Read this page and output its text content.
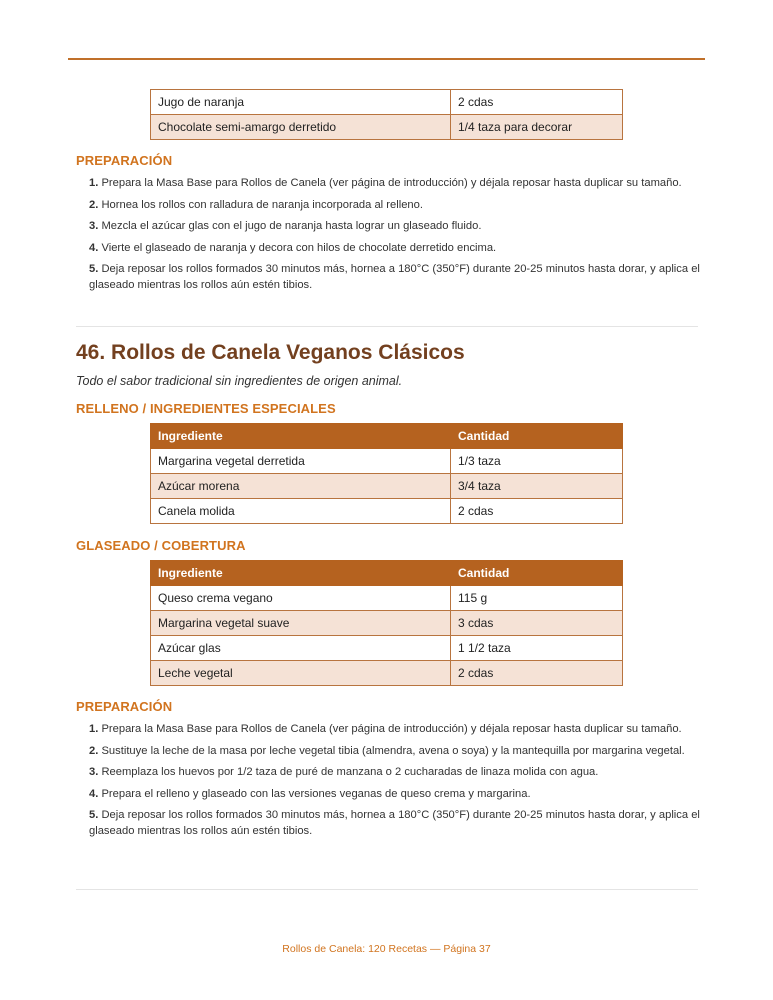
Jugo de naranja	2 cdas
Chocolate semi-amargo derretido	1/4 taza para decorar
PREPARACIÓN
1. Prepara la Masa Base para Rollos de Canela (ver página de introducción) y déjala reposar hasta duplicar su tamaño.
2. Hornea los rollos con ralladura de naranja incorporada al relleno.
3. Mezcla el azúcar glas con el jugo de naranja hasta lograr un glaseado fluido.
4. Vierte el glaseado de naranja y decora con hilos de chocolate derretido encima.
5. Deja reposar los rollos formados 30 minutos más, hornea a 180°C (350°F) durante 20-25 minutos hasta dorar, y aplica el glaseado mientras los rollos aún estén tibios.
46. Rollos de Canela Veganos Clásicos

Todo el sabor tradicional sin ingredientes de origen animal.

RELLENO / INGREDIENTES ESPECIALES
Ingrediente	Cantidad
Margarina vegetal derretida	1/3 taza
Azúcar morena	3/4 taza
Canela molida	2 cdas
GLASEADO / COBERTURA
Ingrediente	Cantidad
Queso crema vegano	115 g
Margarina vegetal suave	3 cdas
Azúcar glas	1 1/2 taza
Leche vegetal	2 cdas
PREPARACIÓN
1. Prepara la Masa Base para Rollos de Canela (ver página de introducción) y déjala reposar hasta duplicar su tamaño.
2. Sustituye la leche de la masa por leche vegetal tibia (almendra, avena o soya) y la mantequilla por margarina vegetal.
3. Reemplaza los huevos por 1/2 taza de puré de manzana o 2 cucharadas de linaza molida con agua.
4. Prepara el relleno y glaseado con las versiones veganas de queso crema y margarina.
5. Deja reposar los rollos formados 30 minutos más, hornea a 180°C (350°F) durante 20-25 minutos hasta dorar, y aplica el glaseado mientras los rollos aún estén tibios.
Rollos de Canela: 120 Recetas — Página 37
